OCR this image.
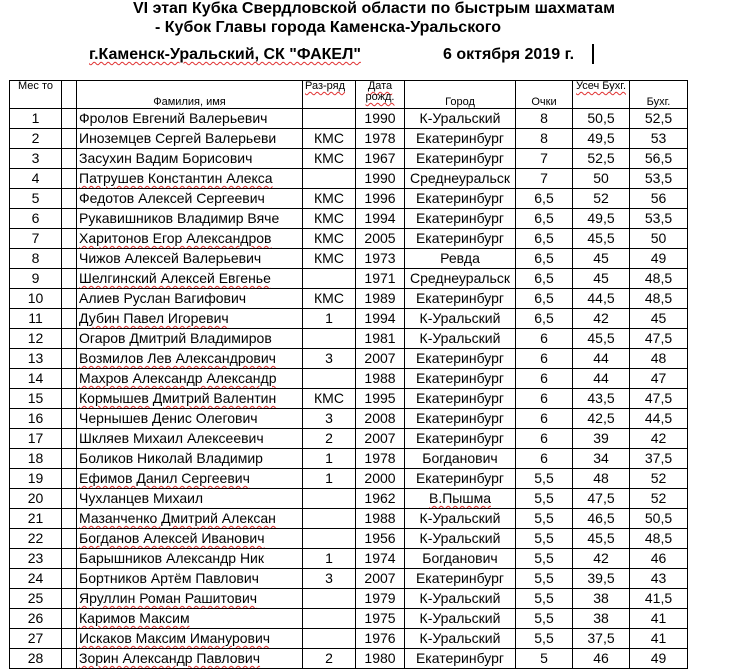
VI этап Кубка Свердловской области по быстрым шахматам
- Кубок Главы города Каменска-Уральского
г.Каменск-Уральский, СК "ФАКЕЛ"	6 октября 2019 г.
Мес то		Фамилия, имя	Раз-ряд	Дата рожд.	Город	Очки	Усеч Бухг.	Бухг.
1		Фролов Евгений Валерьевич		1990	К-Уральский	8	50,5	52,5
2		Иноземцев Сергей Валерьеви	КМС	1978	Екатеринбург	8	49,5	53
3		Засухин Вадим Борисович	КМС	1967	Екатеринбург	7	52,5	56,5
4		Патрушев Константин Алекса		1990	Среднеуральск	7	50	53,5
5		Федотов Алексей Сергеевич	КМС	1996	Екатеринбург	6,5	52	56
6		Рукавишников Владимир Вяче	КМС	1994	Екатеринбург	6,5	49,5	53,5
7		Харитонов Егор Александров	КМС	2005	Екатеринбург	6,5	45,5	50
8		Чижов Алексей Валерьевич	КМС	1973	Ревда	6,5	45	49
9		Шелгинский Алексей Евгенье		1971	Среднеуральск	6,5	45	48,5
10		Алиев Руслан Вагифович	КМС	1989	Екатеринбург	6,5	44,5	48,5
11		Дубин Павел Игоревич	1	1994	К-Уральский	6,5	42	45
12		Огаров Дмитрий Владимиров		1981	К-Уральский	6	45,5	47,5
13		Возмилов Лев Александрович	3	2007	Екатеринбург	6	44	48
14		Махров Александр Александр		1988	Екатеринбург	6	44	47
15		Кормышев Дмитрий Валентин	КМС	1995	Екатеринбург	6	43,5	47,5
16		Чернышев Денис Олегович	3	2008	Екатеринбург	6	42,5	44,5
17		Шкляев Михаил Алексеевич	2	2007	Екатеринбург	6	39	42
18		Боликов Николай Владимир	1	1978	Богданович	6	34	37,5
19		Ефимов Данил Сергеевич	1	2000	Екатеринбург	5,5	48	52
20		Чухланцев Михаил		1962	В.Пышма	5,5	47,5	52
21		Мазанченко Дмитрий Алексан		1988	К-Уральский	5,5	46,5	50,5
22		Богданов Алексей Иванович		1956	К-Уральский	5,5	45,5	48,5
23		Барышников Александр Ник	1	1974	Богданович	5,5	42	46
24		Бортников Артём Павлович	3	2007	Екатеринбург	5,5	39,5	43
25		Яруллин Роман Рашитович		1979	К-Уральский	5,5	38	41,5
26		Каримов Максим		1975	К-Уральский	5,5	38	41
27		Искаков Максим Иманурович		1976	К-Уральский	5,5	37,5	41
28		Зорин Александр Павлович	2	1980	Екатеринбург	5	46	49
